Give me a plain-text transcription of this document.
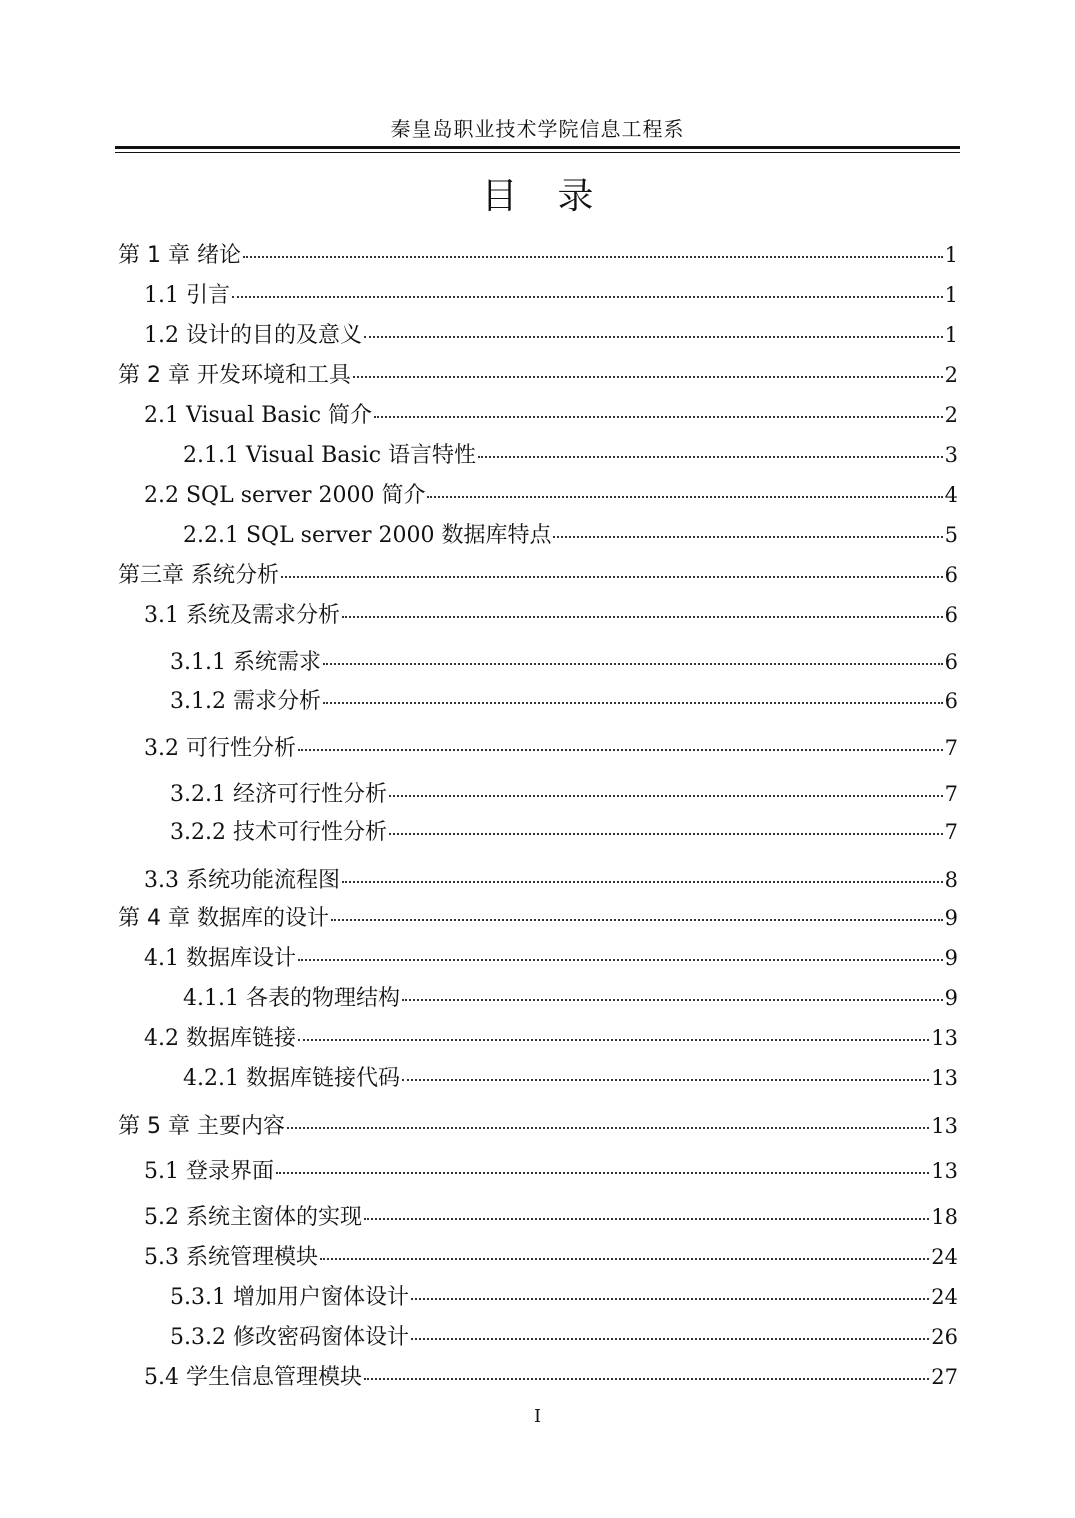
秦皇岛职业技术学院信息工程系
目录
第 1 章 绪论	1
1.1 引言	1
1.2 设计的目的及意义	1
第 2 章 开发环境和工具	2
2.1 Visual Basic 简介	2
2.1.1 Visual Basic 语言特性	3
2.2 SQL server 2000 简介	4
2.2.1 SQL server 2000 数据库特点	5
第三章 系统分析	6
3.1 系统及需求分析	6
3.1.1 系统需求	6
3.1.2 需求分析	6
3.2 可行性分析	7
3.2.1 经济可行性分析	7
3.2.2 技术可行性分析	7
3.3 系统功能流程图	8
第 4 章 数据库的设计	9
4.1 数据库设计	9
4.1.1 各表的物理结构	9
4.2 数据库链接	13
4.2.1 数据库链接代码	13
第 5 章 主要内容	13
5.1 登录界面	13
5.2 系统主窗体的实现	18
5.3 系统管理模块	24
5.3.1 增加用户窗体设计	24
5.3.2 修改密码窗体设计	26
5.4 学生信息管理模块	27
I
